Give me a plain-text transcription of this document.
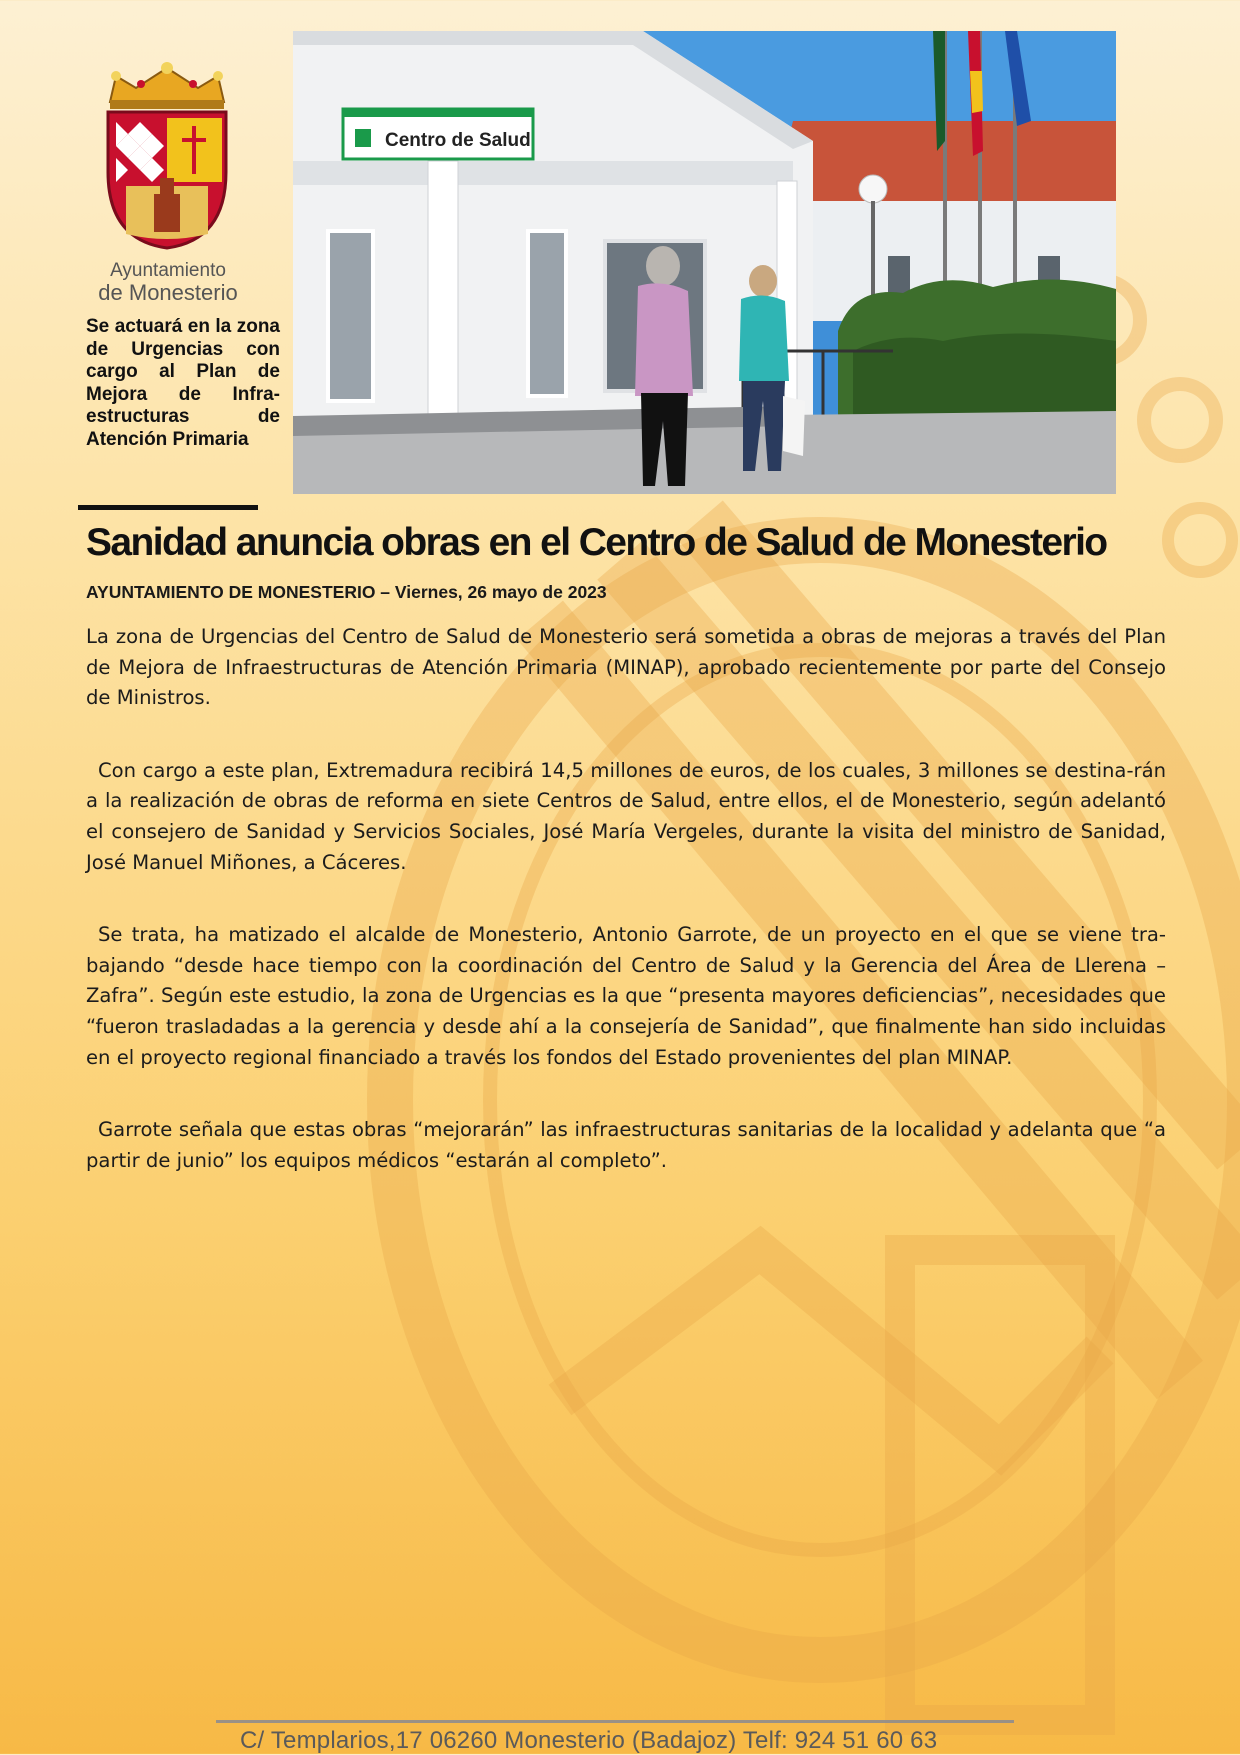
Ayuntamiento
de Monesterio
Se actuará en la zona de Urgencias con cargo al Plan de Mejora de Infra-estructuras de Atención Primaria
Centro de Salud
Sanidad anuncia obras en el Centro de Salud de Monesterio
AYUNTAMIENTO DE MONESTERIO – Viernes, 26 mayo de 2023

La zona de Urgencias del Centro de Salud de Monesterio será sometida a obras de mejoras a través del Plan de Mejora de Infraestructuras de Atención Primaria (MINAP), aprobado recientemente por parte del Consejo de Ministros.

Con cargo a este plan, Extremadura recibirá 14,5 millones de euros, de los cuales, 3 millones se destina-rán a la realización de obras de reforma en siete Centros de Salud, entre ellos, el de Monesterio, según adelantó el consejero de Sanidad y Servicios Sociales, José María Vergeles, durante la visita del ministro de Sanidad, José Manuel Miñones, a Cáceres.

Se trata, ha matizado el alcalde de Monesterio, Antonio Garrote, de un proyecto en el que se viene tra-bajando “desde hace tiempo con la coordinación del Centro de Salud y la Gerencia del Área de Llerena – Zafra”. Según este estudio, la zona de Urgencias es la que “presenta mayores deficiencias”, necesidades que “fueron trasladadas a la gerencia y desde ahí a la consejería de Sanidad”, que finalmente han sido incluidas en el proyecto regional financiado a través los fondos del Estado provenientes del plan MINAP.

Garrote señala que estas obras “mejorarán” las infraestructuras sanitarias de la localidad y adelanta que “a partir de junio” los equipos médicos “estarán al completo”.

C/ Templarios,17 06260 Monesterio (Badajoz) Telf: 924 51 60 63
